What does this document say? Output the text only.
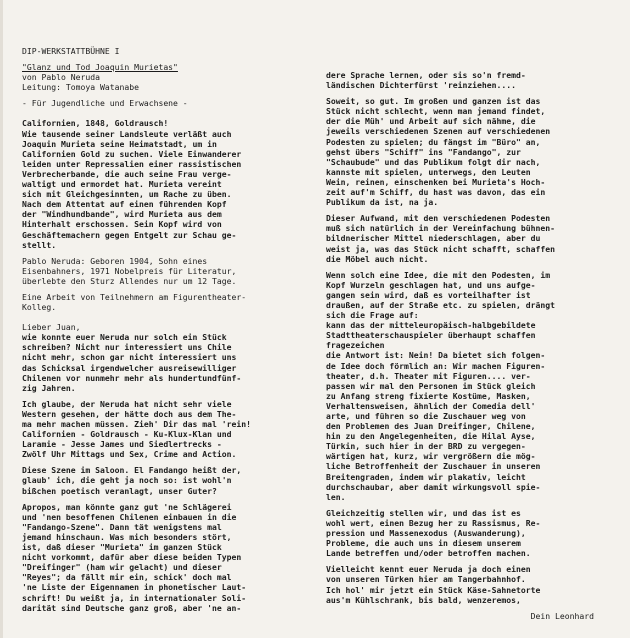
DIP-WERKSTATTBÜHNE I
"Glanz und Tod Joaquin Murietas"
von Pablo Neruda
Leitung: Tomoya Watanabe
- Für Jugendliche und Erwachsene -
Californien, 1848, Goldrausch!
Wie tausende seiner Landsleute verläßt auch
Joaquin Murieta seine Heimatstadt, um in
Californien Gold zu suchen. Viele Einwanderer
leiden unter Repressalien einer rassistischen
Verbrecherbande, die auch seine Frau verge-
waltigt und ermordet hat. Murieta vereint
sich mit Gleichgesinnten, um Rache zu üben.
Nach dem Attentat auf einen führenden Kopf
der "Windhundbande", wird Murieta aus dem
Hinterhalt erschossen. Sein Kopf wird von
Geschäftemachern gegen Entgelt zur Schau ge-
stellt.
Pablo Neruda: Geboren 1904, Sohn eines
Eisenbahners, 1971 Nobelpreis für Literatur,
überlebte den Sturz Allendes nur um 12 Tage.
Eine Arbeit von Teilnehmern am Figurentheater-
Kolleg.
Lieber Juan,
wie konnte euer Neruda nur solch ein Stück
schreiben? Nicht nur interessiert uns Chile
nicht mehr, schon gar nicht interessiert uns
das Schicksal irgendwelcher ausreisewilliger
Chilenen vor nunmehr mehr als hundertundfünf-
zig Jahren.
Ich glaube, der Neruda hat nicht sehr viele
Western gesehen, der hätte doch aus dem The-
ma mehr machen müssen. Zieh' Dir das mal 'rein!
Californien - Goldrausch - Ku-Klux-Klan und
Laramie - Jesse James und Siedlertrecks -
Zwölf Uhr Mittags und Sex, Crime and Action.
Diese Szene im Saloon. El Fandango heißt der,
glaub' ich, die geht ja noch so: ist wohl'n
bißchen poetisch veranlagt, unser Guter?
Apropos, man könnte ganz gut 'ne Schlägerei
und 'nen besoffenen Chilenen einbauen in die
"Fandango-Szene". Dann tät wenigstens mal
jemand hinschaun. Was mich besonders stört,
ist, daß dieser "Murieta" im ganzen Stück
nicht vorkommt, dafür aber diese beiden Typen
"Dreifinger" (ham wir gelacht) und dieser
"Reyes"; da fällt mir ein, schick' doch mal
'ne Liste der Eigennamen in phonetischer Laut-
schrift! Du weißt ja, in internationaler Soli-
darität sind Deutsche ganz groß, aber 'ne an-
dere Sprache lernen, oder sis so'n fremd-
ländischen Dichterfürst 'reinziehen....
Soweit, so gut. Im großen und ganzen ist das
Stück nicht schlecht, wenn man jemand findet,
der die Müh' und Arbeit auf sich nähme, die
jeweils verschiedenen Szenen auf verschiedenen
Podesten zu spielen; du fängst im "Büro" an,
gehst übers "Schiff" ins "Fandango", zur
"Schaubude" und das Publikum folgt dir nach,
kannste mit spielen, unterwegs, den Leuten
Wein, reinen, einschenken bei Murieta's Hoch-
zeit auf'm Schiff, du hast was davon, das ein
Publikum da ist, na ja.
Dieser Aufwand, mit den verschiedenen Podesten
muß sich natürlich in der Vereinfachung bühnen-
bildnerischer Mittel niederschlagen, aber du
weist ja, was das Stück nicht schafft, schaffen
die Möbel auch nicht.
Wenn solch eine Idee, die mit den Podesten, im
Kopf Wurzeln geschlagen hat, und uns aufge-
gangen sein wird, daß es vorteilhafter ist
draußen, auf der Straße etc. zu spielen, drängt
sich die Frage auf:
kann das der mitteleuropäisch-halbgebildete
Stadttheaterschauspieler überhaupt schaffen
fragezeichen
die Antwort ist: Nein! Da bietet sich folgen-
de Idee doch förmlich an: Wir machen Figuren-
theater, d.h. Theater mit Figuren.... ver-
passen wir mal den Personen im Stück gleich
zu Anfang streng fixierte Kostüme, Masken,
Verhaltensweisen, ähnlich der Comedia dell'
arte, und führen so die Zuschauer weg von
den Problemen des Juan Dreifinger, Chilene,
hin zu den Angelegenheiten, die Hilal Ayse,
Türkin, such hier in der BRD zu vergegen-
wärtigen hat, kurz, wir vergrößern die mög-
liche Betroffenheit der Zuschauer in unseren
Breitengraden, indem wir plakativ, leicht
durchschaubar, aber damit wirkungsvoll spie-
len.
Gleichzeitig stellen wir, und das ist es
wohl wert, einen Bezug her zu Rassismus, Re-
pression und Massenexodus (Auswanderung),
Probleme, die auch uns in diesem unserem
Lande betreffen und/oder betroffen machen.
Vielleicht kennt euer Neruda ja doch einen
von unseren Türken hier am Tangerbahnhof.
Ich hol' mir jetzt ein Stück Käse-Sahnetorte
aus'm Kühlschrank, bis bald, wenzeremos,
Dein Leonhard
